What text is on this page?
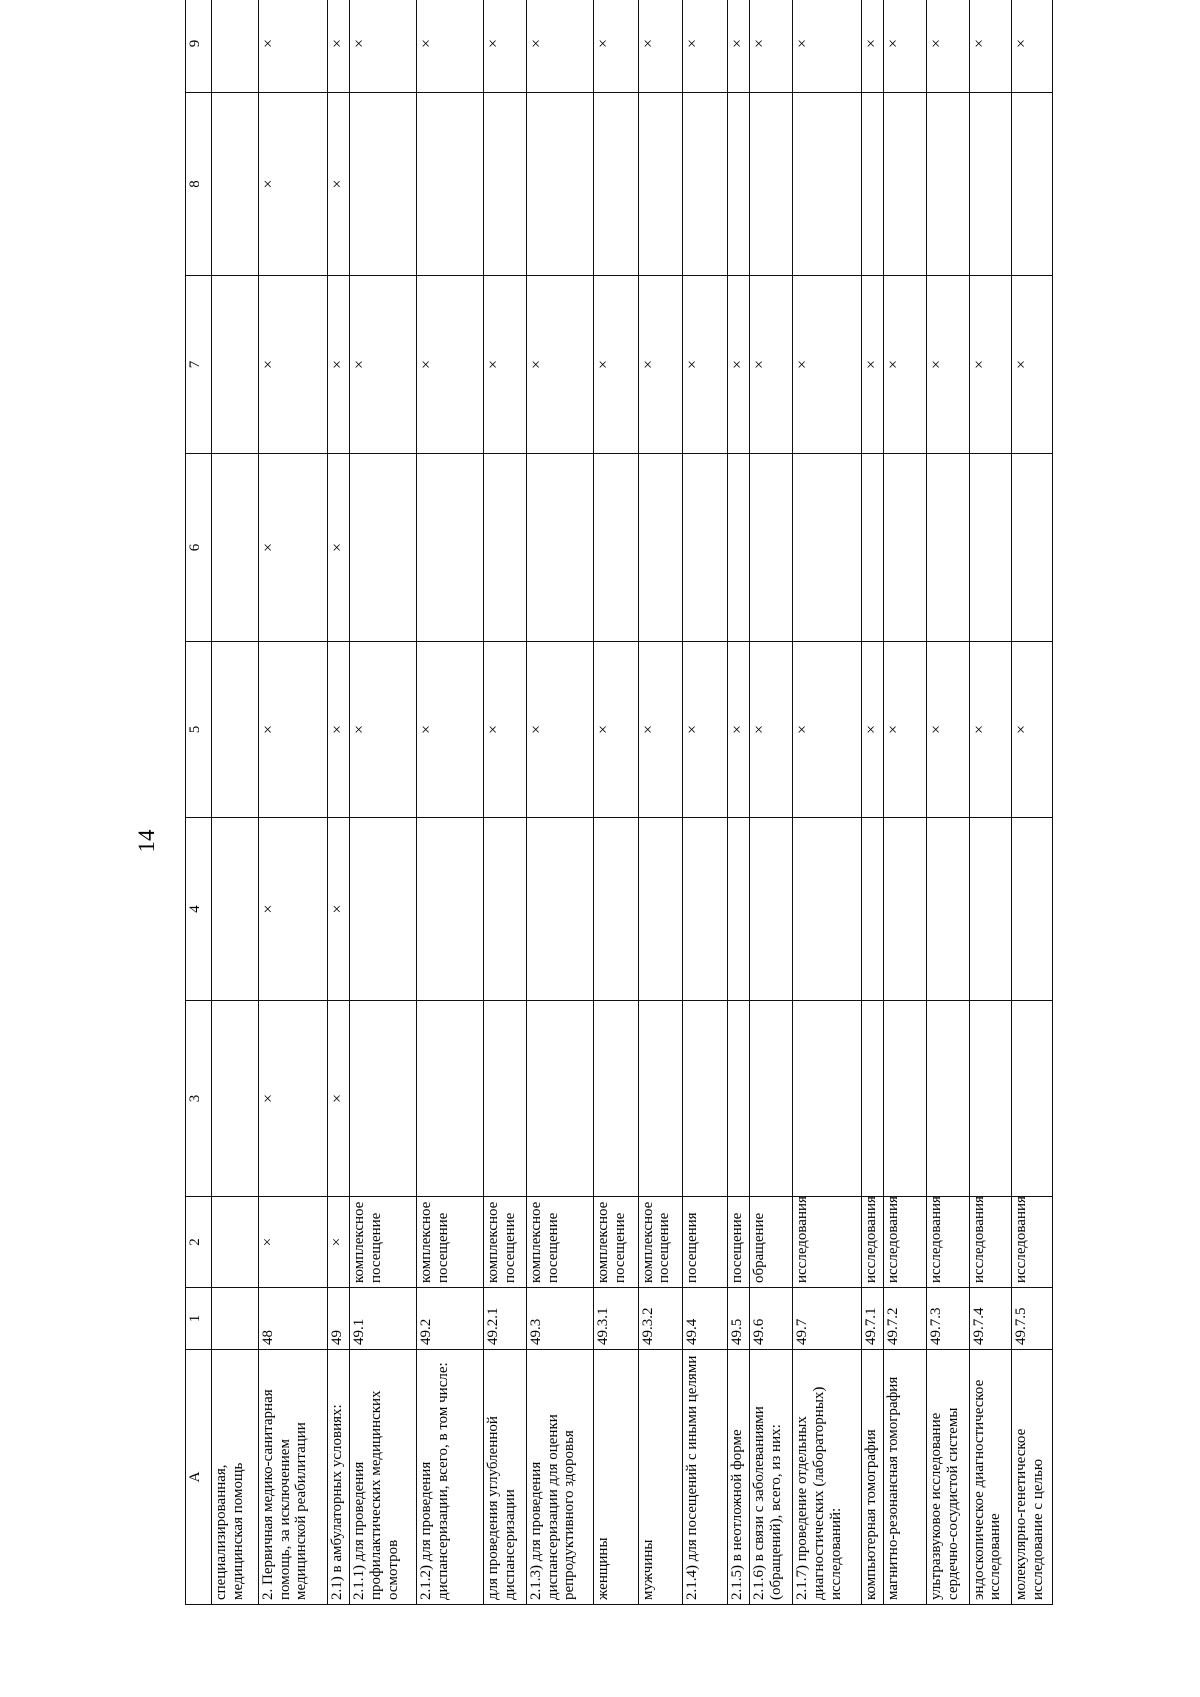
14
А	1	2	3	4	5	6	7	8	9
специализированная,
медицинская помощь									
2. Первичная медико-санитарная помощь, за исключением медицинской реабилитации	48	×	×	×	×	×	×	×	×
2.1) в амбулаторных условиях:	49	×	×	×	×	×	×	×	×
2.1.1) для проведения профилактических медицинских осмотров	49.1	комплексное посещение			×		×		×
2.1.2) для проведения диспансеризации, всего, в том числе:	49.2	комплексное посещение			×		×		×
для проведения углубленной диспансеризации	49.2.1	комплексное посещение			×		×		×
2.1.3) для проведения диспансеризации для оценки репродуктивного здоровья	49.3	комплексное посещение			×		×		×
женщины	49.3.1	комплексное посещение			×		×		×
мужчины	49.3.2	комплексное посещение			×		×		×
2.1.4) для посещений с иными целями	49.4	посещения			×		×		×
2.1.5) в неотложной форме	49.5	посещение			×		×		×
2.1.6) в связи с заболеваниями (обращений), всего, из них:	49.6	обращение			×		×		×
2.1.7) проведение отдельных диагностических (лабораторных) исследований:	49.7	исследования			×		×		×
компьютерная томография	49.7.1	исследования			×		×		×
магнитно-резонансная томография	49.7.2	исследования			×		×		×
ультразвуковое исследование сердечно-сосудистой системы	49.7.3	исследования			×		×		×
эндоскопическое диагностическое исследование	49.7.4	исследования			×		×		×
молекулярно-генетическое исследование с целью	49.7.5	исследования			×		×		×
